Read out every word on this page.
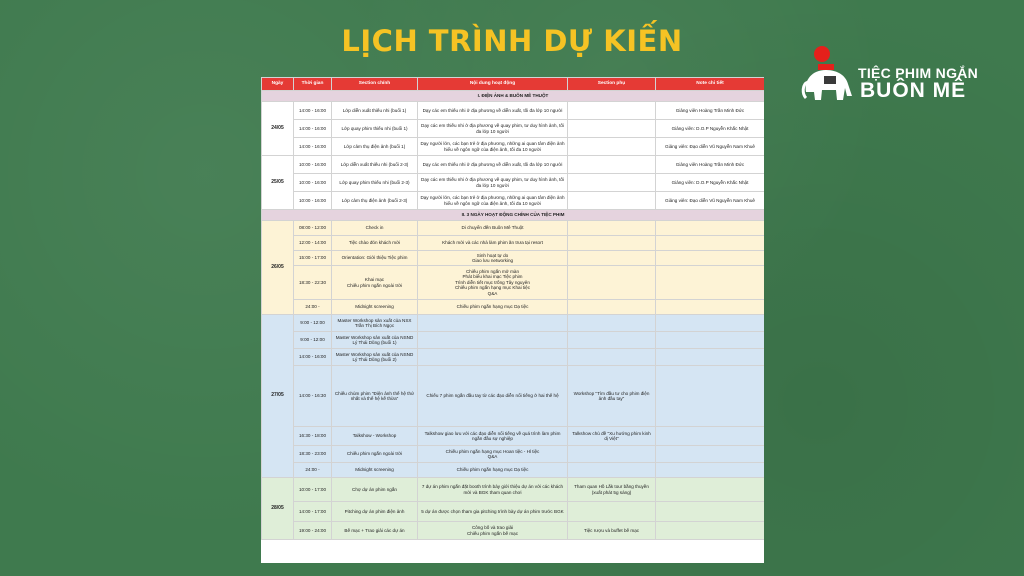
LỊCH TRÌNH DỰ KIẾN
TIỆC PHIM NGẮN
BUÔN MÊ
Ngày	Thời gian	Section chính	Nội dung hoạt động	Section phụ	Note chi tiết
I. ĐIỆN ẢNH & BUÔN MÊ THUỘT					
24/05	14:00 - 16:00	Lớp diễn xuất thiếu nhi (buổi 1)	Dạy các em thiếu nhi ở địa phương về diễn xuất, tối đa lớp 10 người		Giảng viên Hoàng Trần Minh Đức
	14:00 - 16:00	Lớp quay phim thiếu nhi (buổi 1)	Dạy các em thiếu nhi ở địa phương về quay phim, tư duy hình ảnh, tối đa lớp 10 người		Giảng viên: D.O.P Nguyễn Khắc Nhật
	14:00 - 16:00	Lớp cảm thụ điện ảnh (buổi 1)	Dạy người lớn, các bạn trẻ ở địa phương, những ai quan tâm điện ảnh hiểu về ngôn ngữ của điện ảnh, tối đa 10 người		Giảng viên: Đạo diễn Vũ Nguyễn Nam Khuê
25/05	10:00 - 16:00	Lớp diễn xuất thiếu nhi (buổi 2-3)	Dạy các em thiếu nhi ở địa phương về diễn xuất, tối đa lớp 10 người		Giảng viên Hoàng Trần Minh Đức
	10:00 - 16:00	Lớp quay phim thiếu nhi (buổi 2-3)	Dạy các em thiếu nhi ở địa phương về quay phim, tư duy hình ảnh, tối đa lớp 10 người		Giảng viên: D.O.P Nguyễn Khắc Nhật
	10:00 - 16:00	Lớp cảm thụ điện ảnh (buổi 2-3)	Dạy người lớn, các bạn trẻ ở địa phương, những ai quan tâm điện ảnh hiểu về ngôn ngữ của điện ảnh, tối đa 10 người		Giảng viên: Đạo diễn Vũ Nguyễn Nam Khuê
II. 3 NGÀY HOẠT ĐỘNG CHÍNH CỦA TIỆC PHIM					
26/05	08:00 - 12:00	Check in	Di chuyển đến Buôn Mê Thuột		
	12:00 - 14:00	Tiệc chào đón khách mời	Khách mời và các nhà làm phim ăn trưa tại resort		
	15:00 - 17:00	Orientation: Giới thiệu Tiệc phim	Sinh hoạt tự do
Giao lưu networking		
	18:30 - 22:30	Khai mạc
Chiếu phim ngắn ngoài trời	Chiếu phim ngắn mở màn
Phát biểu khai mạc Tiệc phim
Trình diễn tiết mục trống Tây nguyên
Chiếu phim ngắn hạng mục Khai tiệc
Q&A		
	24:00 -	Midnight screening	Chiếu phim ngắn hạng mục Dạ tiệc		
27/05	9:00 - 12:00	Master Workshop sản xuất của NSX Trần Thị Bích Ngọc			
	9:00 - 12:00	Master Workshop sản xuất của NSND Lý Thái Dũng (buổi 1)			
	14:00 - 16:00	Master Workshop sản xuất của NSND Lý Thái Dũng (buổi 2)			
	14:00 - 16:30	Chiếu chùm phim "Điện ảnh thế hệ thứ nhất và thế hệ kế thừa"	Chiếu 7 phim ngắn đầu tay từ các đạo diễn nổi tiếng ở hai thế hệ	Workshop "Tìm đầu tư cho phim điện ảnh đầu tay"	
	16:30 - 18:00	Talkshow - Workshop	Talkshow giao lưu với các đạo diễn nổi tiếng về quá trình làm phim ngắn đầu sự nghiệp	Talkshow chủ đề "Xu hướng phim kinh dị Việt"	
	18:30 - 23:00	Chiếu phim ngắn ngoài trời	Chiếu phim ngắn hạng mục Hoan tiệc - Hỉ tiệc
Q&A		
	24:00 -	Midnight screening	Chiếu phim ngắn hạng mục Dạ tiệc		
28/05	10:00 - 17:00	Chợ dự án phim ngắn	7 dự án phim ngắn đặt booth trình bày giới thiệu dự án với các khách mời và BGK tham quan chơi	Tham quan Hồ Lắk tour bằng thuyền (xuất phát 5g sáng)	
	14:00 - 17:00	Pitching dự án phim điện ảnh	5 dự án được chọn tham gia pitching trình bày dự án phim trước BGK		
	19:00 - 24:00	Bế mạc + Trao giải các dự án	Công bố và trao giải
Chiếu phim ngắn bế mạc	Tiệc rượu và buffet bế mạc	
